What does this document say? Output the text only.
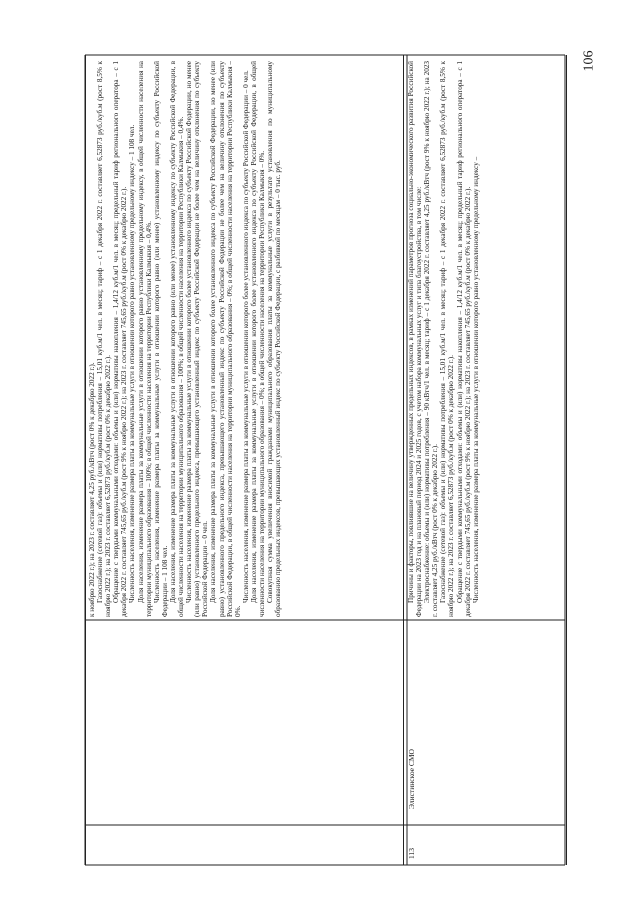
106

к ноябрю 2022 г.); на 2023 г. составляет 4,25 руб./кВтч (рост 0% к декабрю 2022 г.). Газоснабжение (сетевой газ): объемы и (или) нормативы потребления – 15,01 куб.м/1 чел. в месяц; тариф – с 1 декабря 2022 г. составляет 6,52873 руб./куб.м (рост 8,5% к ноябрю 2022 г.); на 2023 г. составляет 6,52873 руб./куб.м (рост 0% к декабрю 2022 г.). Обращение с твердыми коммунальными отходами: объемы и (или) нормативы накопления – 1,4/12 куб.м/1 чел. в месяц; предельный тариф регионального оператора – с 1 декабря 2022 г. составляет 745,65 руб./куб.м (рост 9% к ноябрю 2022 г.); на 2023 г. составляет 745,65 руб./куб.м (рост 0% к декабрю 2022 г.). Численность населения, изменение размера платы за коммунальные услуги в отношении которого равно установленному предельному индексу – 1 108 чел. Доля населения, изменение размера платы за коммунальные услуги в отношении которого равно установленному предельному индексу, в общей численности населения на территории муниципального образования – 100%; в общей численности населения на территории Республики Калмыкия – 0,4%. Численность населения, изменение размера платы за коммунальные услуги в отношении которого равно (или менее) установленному индексу по субъекту Российской Федерации – 1 108 чел. Доля населения, изменение размера платы за коммунальные услуги в отношении которого равно (или менее) установленному индексу по субъекту Российской Федерации, в общей численности населения на территории муниципального образования – 100%; в общей численности населения на территории Республики Калмыкия – 0,4%. Численность населения, изменение размера платы за коммунальные услуги в отношении которого более установленного индекса по субъекту Российской Федерации, но менее (или равно) установленного предельного индекса, превышающего установленный индекс по субъекту Российской Федерации не более чем на величину отклонения по субъекту Российской Федерации – 0 чел. Доля населения, изменение размера платы за коммунальные услуги в отношении которого более установленного индекса по субъекту Российской Федерации, но менее (или равно) установленного предельного индекса, превышающего установленный индекс по субъекту Российской Федерации не более чем на величину отклонения по субъекту Российской Федерации, в общей численности населения на территории муниципального образования – 0%; в общей численности населения на территории Республики Калмыкия – 0%.

Численность населения, изменение размера платы за коммунальные услуги в отношении которого более установленного индекса по субъекту Российской Федерации – 0 чел. Доля населения, изменение размера платы за коммунальные услуги в отношении которого более установленного индекса по субъекту Российской Федерации, в общей численности населения на территории муниципального образования – 0%; в общей численности населения на территории Республики Калмыкия – 0%. Совокупная сумма увеличения вносимой гражданами муниципального образования платы за коммунальные услуги в результате установления по муниципальному образованию предельных индексов, превышающих установленный индекс по субъекту Российской Федерации, с разбивкой по месяцам – 0 тыс. руб.

113
Элистинское СМО

Причины и факторы, повлиявшие на величину утвержденных предельных индексов, в рамках изменений параметров прогноза социально-экономического развития Российской Федерации на 2023 год и на плановый период 2024 и 2025 годов, с учетом набора коммунальных услуг и типа благоустройства, в том числе: Электроснабжение: объемы и (или) нормативы потребления – 90 кВтч/1 чел. в месяц; тариф – с 1 декабря 2022 г. составляет 4,25 руб./кВтч (рост 9% к ноябрю 2022 г.); на 2023 г. составляет 4,25 руб./кВтч (рост 0% к декабрю 2022 г.). Газоснабжение (сетевой газ): объемы и (или) нормативы потребления – 15,01 куб.м/1 чел. в месяц; тариф – с 1 декабря 2022 г. составляет 6,52873 руб./куб.м (рост 8,5% к ноябрю 2022 г.); на 2023 г. составляет 6,52873 руб./куб.м (рост 0% к декабрю 2022 г.). Обращение с твердыми коммунальными отходами: объемы и (или) нормативы накопления – 1,4/12 куб.м/1 чел. в месяц; предельный тариф регионального оператора – с 1 декабря 2022 г. составляет 745,65 руб./куб.м (рост 9% к ноябрю 2022 г.); на 2023 г. составляет 745,65 руб./куб.м (рост 0% к декабрю 2022 г.). Численность населения, изменение размера платы за коммунальные услуги в отношении которого равно установленному предельному индексу –
